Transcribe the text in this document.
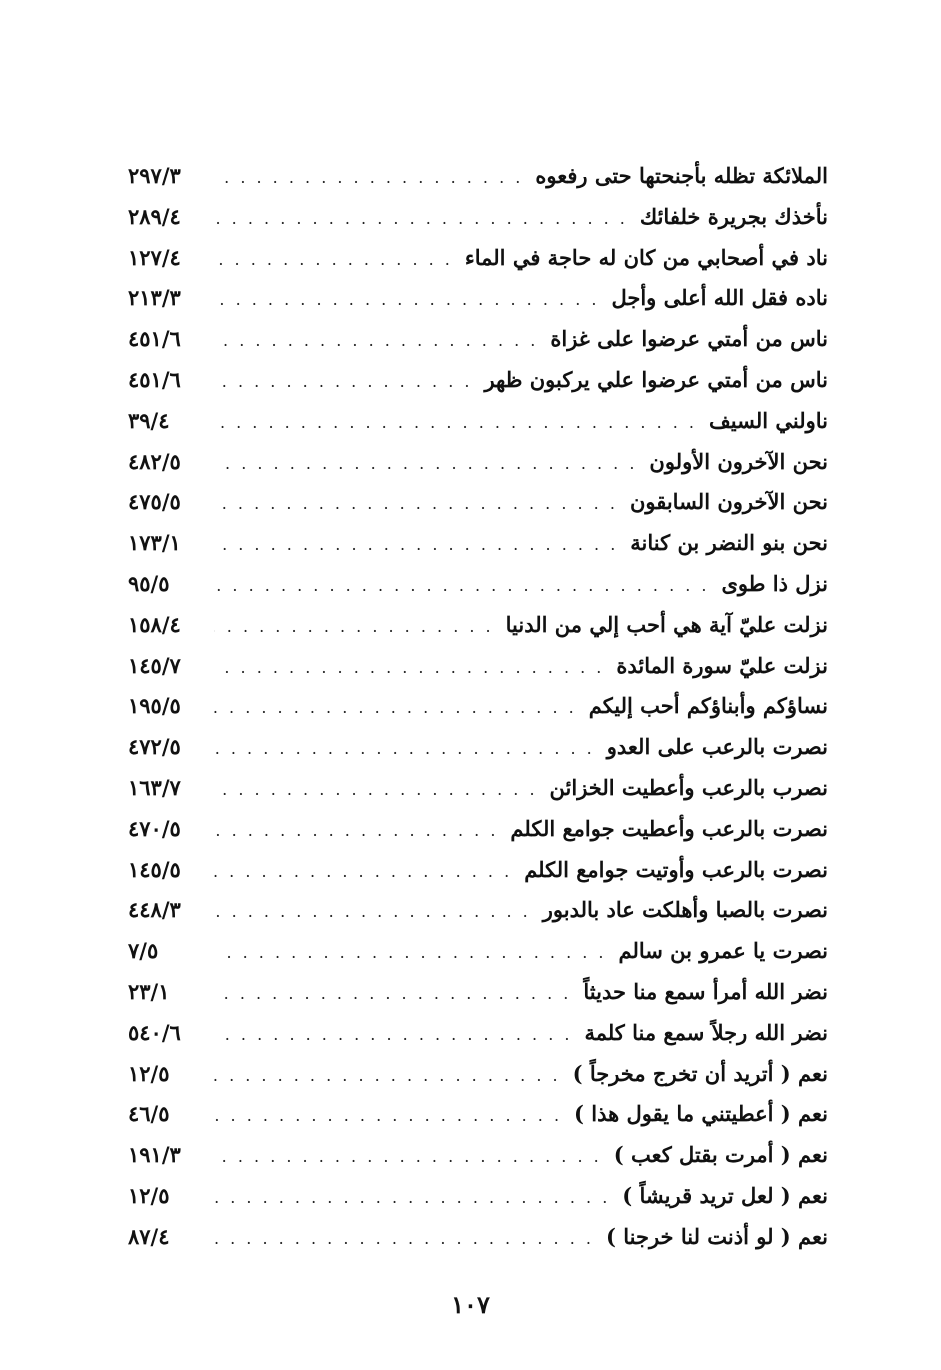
الملائكة تظله بأجنحتها حتى رفعوه
. . .
٢٩٧/٣
نأخذك بجريرة خلفائك
. . .
٢٨٩/٤
ناد في أصحابي من كان له حاجة في الماء
. . .
١٢٧/٤
ناده فقل الله أعلى وأجل
. . .
٢١٣/٣
ناس من أمتي عرضوا على غزاة
. . .
٤٥١/٦
ناس من أمتي عرضوا علي يركبون ظهر
. . .
٤٥١/٦
ناولني السيف
. . .
٣٩/٤
نحن الآخرون الأولون
. . .
٤٨٢/٥
نحن الآخرون السابقون
. . .
٤٧٥/٥
نحن بنو النضر بن كنانة
. . .
١٧٣/١
نزل ذا طوى
. . .
٩٥/٥
نزلت عليّ آية هي أحب إلي من الدنيا
. . .
١٥٨/٤
نزلت عليّ سورة المائدة
. . .
١٤٥/٧
نساؤكم وأبناؤكم أحب إليكم
. . .
١٩٥/٥
نصرت بالرعب على العدو
. . .
٤٧٢/٥
نصرب بالرعب وأعطيت الخزائن
. . .
١٦٣/٧
نصرت بالرعب وأعطيت جوامع الكلم
. . .
٤٧٠/٥
نصرت بالرعب وأوتيت جوامع الكلم
. . .
١٤٥/٥
نصرت بالصبا وأهلكت عاد بالدبور
. . .
٤٤٨/٣
نصرت يا عمرو بن سالم
. . .
٧/٥
نضر الله أمرأ سمع منا حديثاً
. . .
٢٣/١
نضر الله رجلاً سمع منا كلمة
. . .
٥٤٠/٦
نعم ( أتريد أن تخرج مخرجاً )
. . .
١٢/٥
نعم ( أعطيتني ما يقول هذا )
. . .
٤٦/٥
نعم ( أمرت بقتل كعب )
. . .
١٩١/٣
نعم ( لعل تريد قريشاً )
. . .
١٢/٥
نعم ( لو أذنت لنا خرجنا )
. . .
٨٧/٤
١٠٧
